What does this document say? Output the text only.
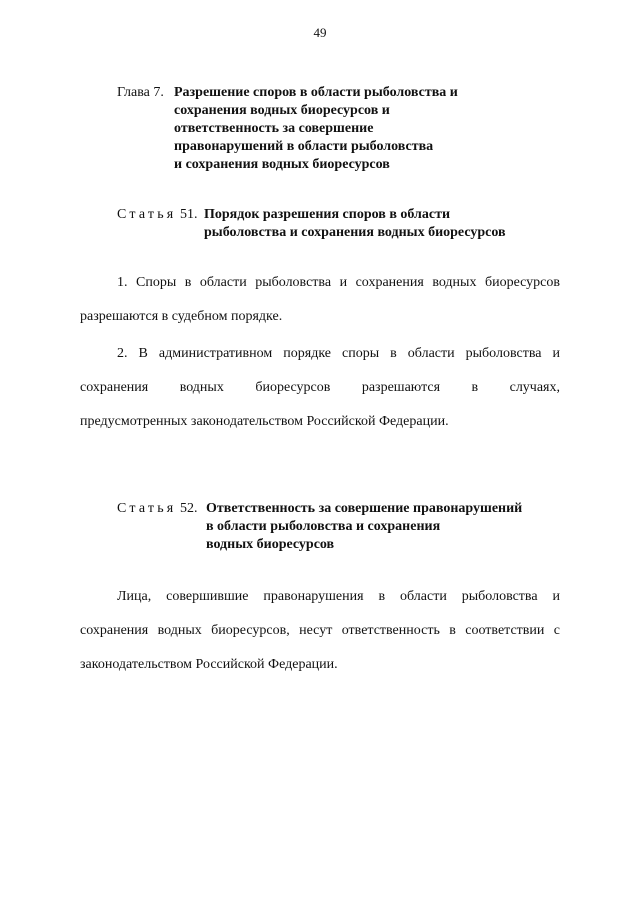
49
Глава 7. Разрешение споров в области рыболовства и
сохранения водных биоресурсов и
ответственность за совершение
правонарушений в области рыболовства
и сохранения водных биоресурсов
Статья 51. Порядок разрешения споров в области
рыболовства и сохранения водных биоресурсов
1. Споры в области рыболовства и сохранения водных биоресурсов
разрешаются в судебном порядке.
2. В административном порядке споры в области рыболовства и
сохранения водных биоресурсов разрешаются в случаях,
предусмотренных законодательством Российской Федерации.
Статья 52. Ответственность за совершение правонарушений
в области рыболовства и сохранения
водных биоресурсов
Лица, совершившие правонарушения в области рыболовства и
сохранения водных биоресурсов, несут ответственность в соответствии с
законодательством Российской Федерации.
